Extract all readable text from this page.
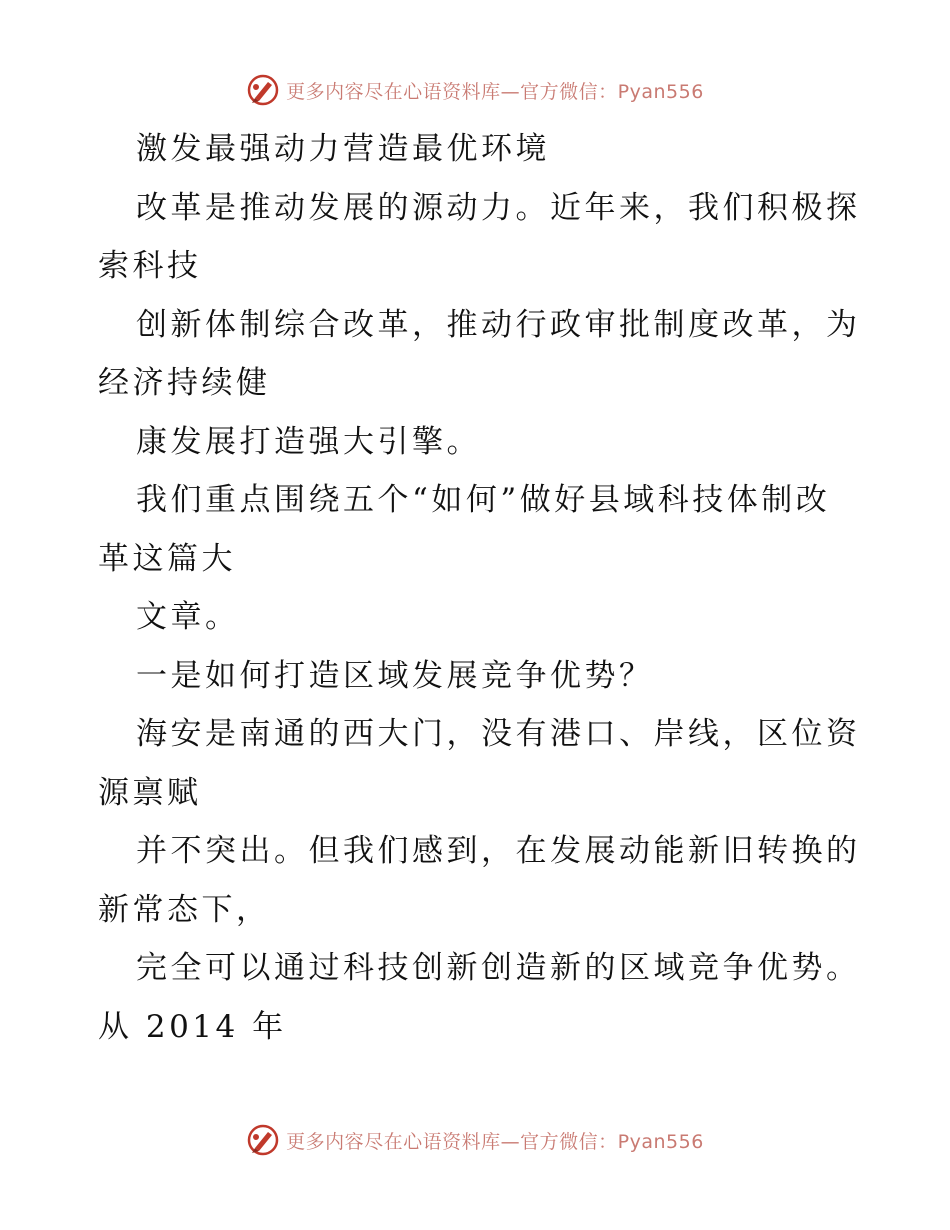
更多内容尽在心语资料库—官方微信：Pyan556

激发最强动力营造最优环境

改革是推动发展的源动力。近年来，我们积极探
索科技

创新体制综合改革，推动行政审批制度改革，为
经济持续健

康发展打造强大引擎。

我们重点围绕五个“如何”做好县域科技体制改
革这篇大

文章。

一是如何打造区域发展竞争优势？

海安是南通的西大门，没有港口、岸线，区位资
源禀赋

并不突出。但我们感到，在发展动能新旧转换的
新常态下，

完全可以通过科技创新创造新的区域竞争优势。
从 2014 年

更多内容尽在心语资料库—官方微信：Pyan556
